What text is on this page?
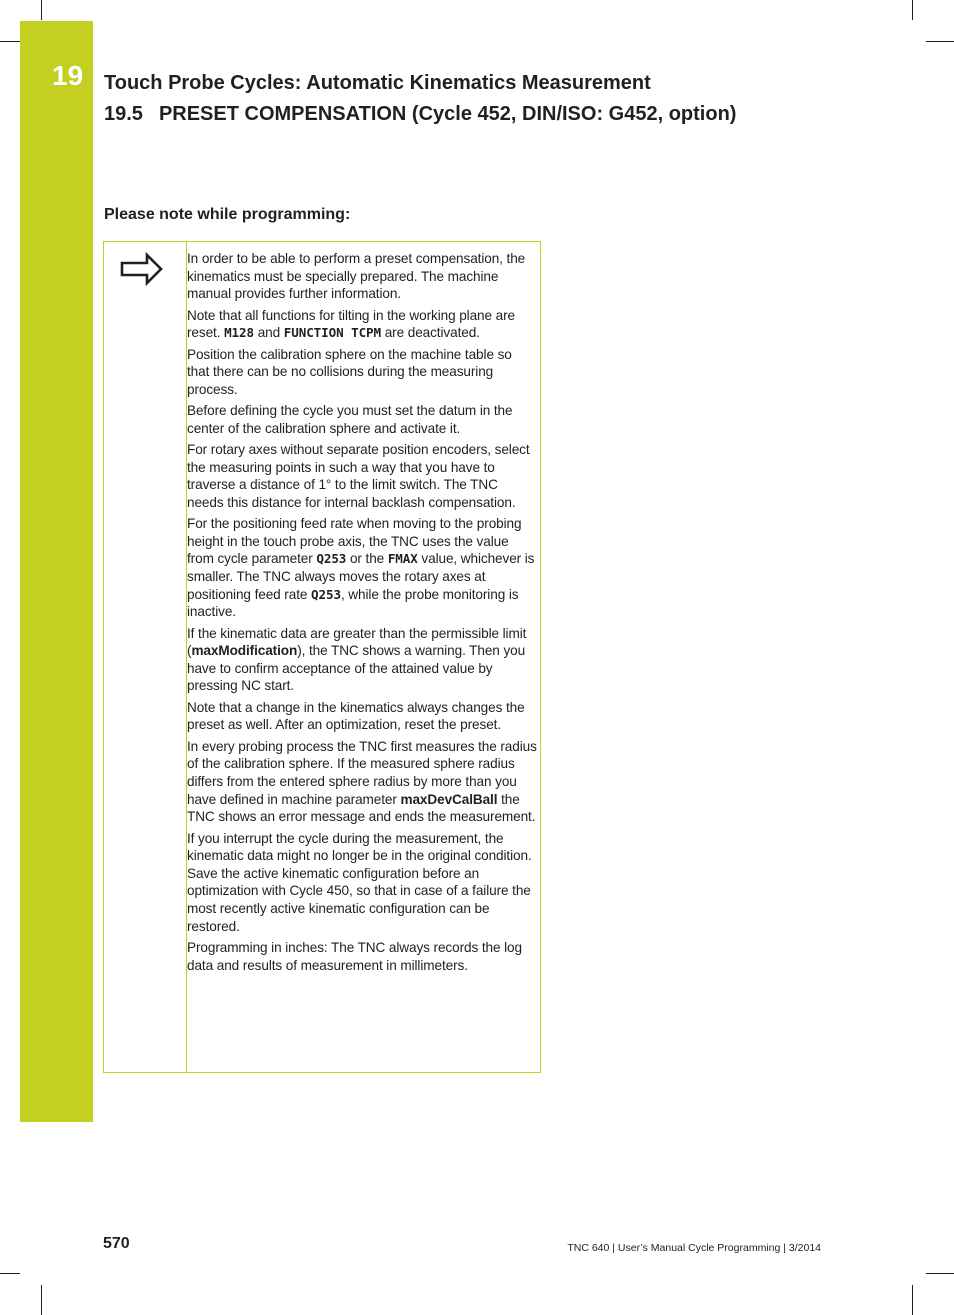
19 Touch Probe Cycles: Automatic Kinematics Measurement
19.5 PRESET COMPENSATION (Cycle 452, DIN/ISO: G452, option)
Please note while programming:

In order to be able to perform a preset compensation, the kinematics must be specially prepared. The machine manual provides further information.

Note that all functions for tilting in the working plane are reset. M128 and FUNCTION TCPM are deactivated.

Position the calibration sphere on the machine table so that there can be no collisions during the measuring process.

Before defining the cycle you must set the datum in the center of the calibration sphere and activate it.

For rotary axes without separate position encoders, select the measuring points in such a way that you have to traverse a distance of 1° to the limit switch. The TNC needs this distance for internal backlash compensation.

For the positioning feed rate when moving to the probing height in the touch probe axis, the TNC uses the value from cycle parameter Q253 or the FMAX value, whichever is smaller. The TNC always moves the rotary axes at positioning feed rate Q253, while the probe monitoring is inactive.

If the kinematic data are greater than the permissible limit (maxModification), the TNC shows a warning. Then you have to confirm acceptance of the attained value by pressing NC start.

Note that a change in the kinematics always changes the preset as well. After an optimization, reset the preset.

In every probing process the TNC first measures the radius of the calibration sphere. If the measured sphere radius differs from the entered sphere radius by more than you have defined in machine parameter maxDevCalBall the TNC shows an error message and ends the measurement.

If you interrupt the cycle during the measurement, the kinematic data might no longer be in the original condition. Save the active kinematic configuration before an optimization with Cycle 450, so that in case of a failure the most recently active kinematic configuration can be restored.

Programming in inches: The TNC always records the log data and results of measurement in millimeters.

570	TNC 640 | User’s Manual Cycle Programming | 3/2014
